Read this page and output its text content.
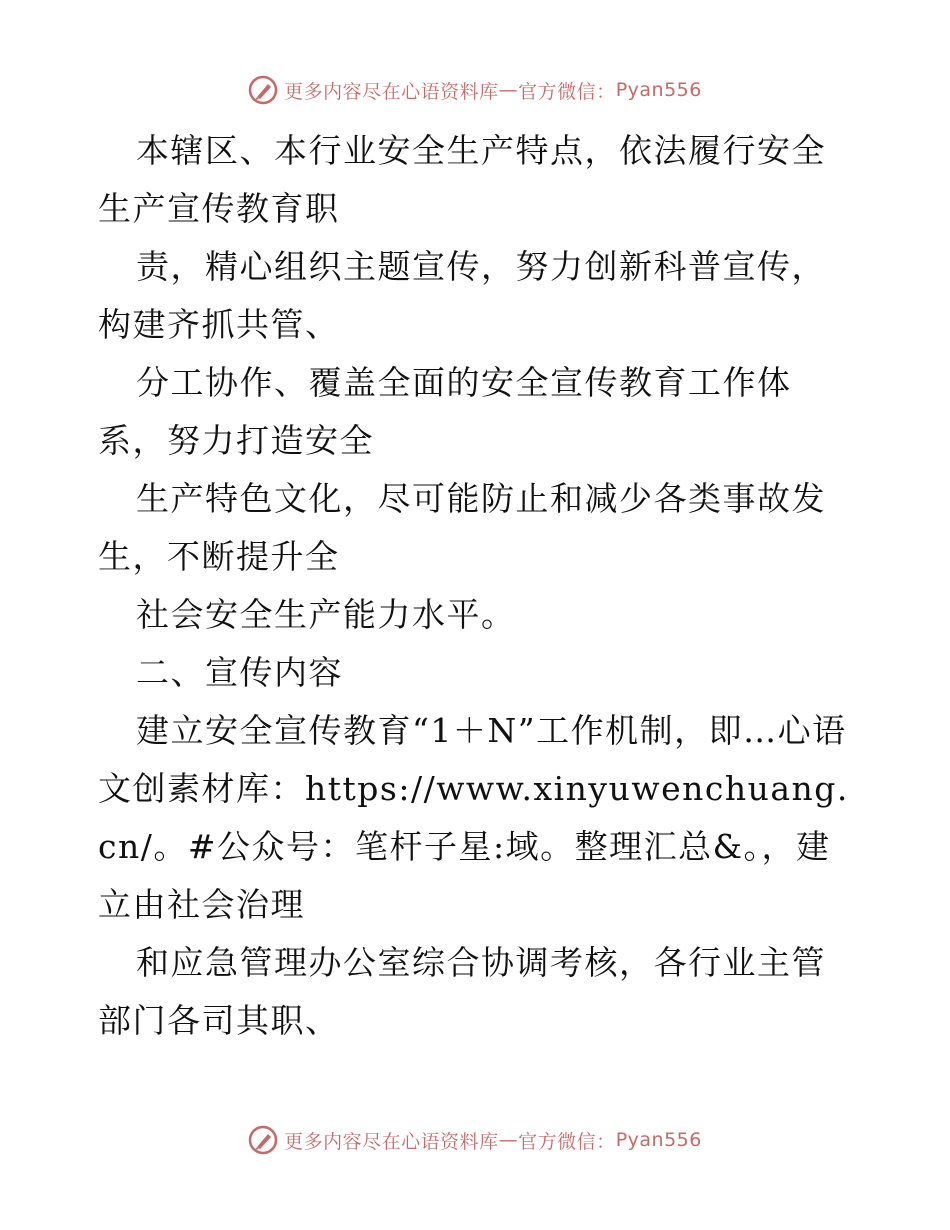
更多内容尽在心语资料库 — 官方微信： Pyan556

本辖区、本行业安全生产特点，依法履行安全生产宣传教育职

责，精心组织主题宣传，努力创新科普宣传，构建齐抓共管、

分工协作、覆盖全面的安全宣传教育工作体系，努力打造安全

生产特色文化，尽可能防止和减少各类事故发生，不断提升全

社会安全生产能力水平。

二、宣传内容

建立安全宣传教育“1＋N”工作机制，即…心语文创素材库：https://www.xinyuwenchuang.cn/。#公众号：笔杆子星:域。整理汇总&。，建立由社会治理

和应急管理办公室综合协调考核，各行业主管部门各司其职、

更多内容尽在心语资料库 — 官方微信： Pyan556
